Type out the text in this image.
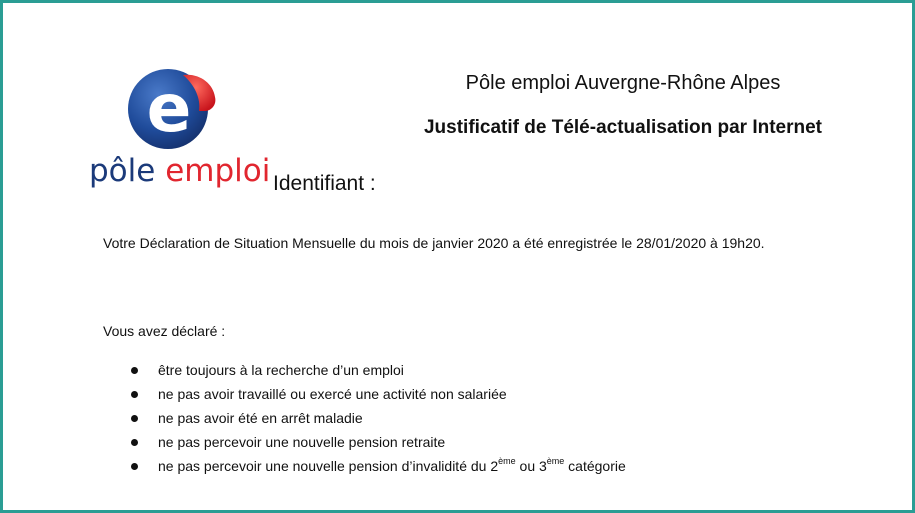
e
pôle emploi
Pôle emploi Auvergne-Rhône Alpes
Justificatif de Télé-actualisation par Internet
Identifiant :
Votre Déclaration de Situation Mensuelle du mois de janvier 2020 a été enregistrée le 28/01/2020 à 19h20.
Vous avez déclaré :
être toujours à la recherche d’un emploi
ne pas avoir travaillé ou exercé une activité non salariée
ne pas avoir été en arrêt maladie
ne pas percevoir une nouvelle pension retraite
ne pas percevoir une nouvelle pension d’invalidité du 2ème ou 3ème catégorie
